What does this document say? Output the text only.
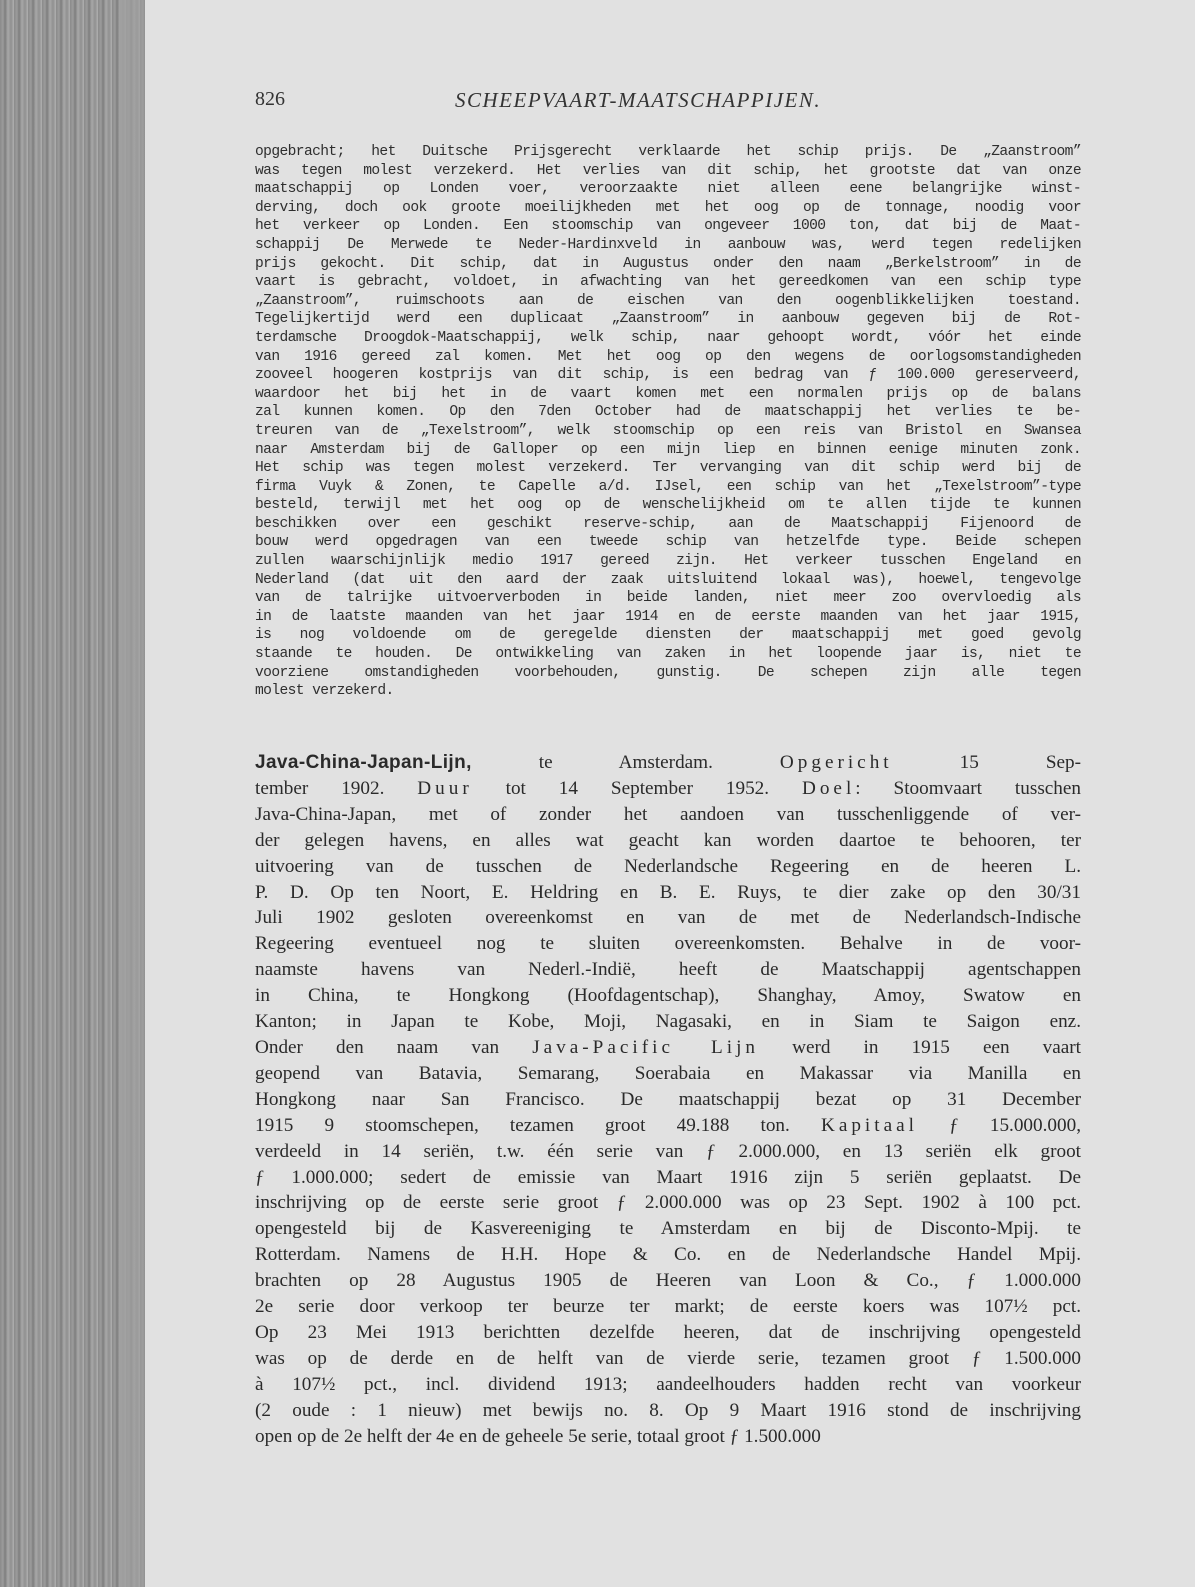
826	SCHEEPVAART-MAATSCHAPPIJEN.
opgebracht; het Duitsche Prijsgerecht verklaarde het schip prijs. De „Zaanstroom”
was tegen molest verzekerd. Het verlies van dit schip, het grootste dat van onze
maatschappij op Londen voer, veroorzaakte niet alleen eene belangrijke winst-
derving, doch ook groote moeilijkheden met het oog op de tonnage, noodig voor
het verkeer op Londen. Een stoomschip van ongeveer 1000 ton, dat bij de Maat-
schappij De Merwede te Neder-Hardinxveld in aanbouw was, werd tegen redelijken
prijs gekocht. Dit schip, dat in Augustus onder den naam „Berkelstroom” in de
vaart is gebracht, voldoet, in afwachting van het gereedkomen van een schip type
„Zaanstroom”, ruimschoots aan de eischen van den oogenblikkelijken toestand.
Tegelijkertijd werd een duplicaat „Zaanstroom” in aanbouw gegeven bij de Rot-
terdamsche Droogdok-Maatschappij, welk schip, naar gehoopt wordt, vóór het einde
van 1916 gereed zal komen. Met het oog op den wegens de oorlogsomstandigheden
zooveel hoogeren kostprijs van dit schip, is een bedrag van ƒ 100.000 gereserveerd,
waardoor het bij het in de vaart komen met een normalen prijs op de balans
zal kunnen komen. Op den 7den October had de maatschappij het verlies te be-
treuren van de „Texelstroom”, welk stoomschip op een reis van Bristol en Swansea
naar Amsterdam bij de Galloper op een mijn liep en binnen eenige minuten zonk.
Het schip was tegen molest verzekerd. Ter vervanging van dit schip werd bij de
firma Vuyk & Zonen, te Capelle a/d. IJsel, een schip van het „Texelstroom”-type
besteld, terwijl met het oog op de wenschelijkheid om te allen tijde te kunnen
beschikken over een geschikt reserve-schip, aan de Maatschappij Fijenoord de
bouw werd opgedragen van een tweede schip van hetzelfde type. Beide schepen
zullen waarschijnlijk medio 1917 gereed zijn. Het verkeer tusschen Engeland en
Nederland (dat uit den aard der zaak uitsluitend lokaal was), hoewel, tengevolge
van de talrijke uitvoerverboden in beide landen, niet meer zoo overvloedig als
in de laatste maanden van het jaar 1914 en de eerste maanden van het jaar 1915,
is nog voldoende om de geregelde diensten der maatschappij met goed gevolg
staande te houden. De ontwikkeling van zaken in het loopende jaar is, niet te
voorziene omstandigheden voorbehouden, gunstig. De schepen zijn alle tegen
molest verzekerd.
Java-China-Japan-Lijn, te Amsterdam. Opgericht 15 Sep-
tember 1902. Duur tot 14 September 1952. Doel: Stoomvaart tusschen
Java-China-Japan, met of zonder het aandoen van tusschenliggende of ver-
der gelegen havens, en alles wat geacht kan worden daartoe te behooren, ter
uitvoering van de tusschen de Nederlandsche Regeering en de heeren L.
P. D. Op ten Noort, E. Heldring en B. E. Ruys, te dier zake op den 30/31
Juli 1902 gesloten overeenkomst en van de met de Nederlandsch-Indische
Regeering eventueel nog te sluiten overeenkomsten. Behalve in de voor-
naamste havens van Nederl.-Indië, heeft de Maatschappij agentschappen
in China, te Hongkong (Hoofdagentschap), Shanghay, Amoy, Swatow en
Kanton; in Japan te Kobe, Moji, Nagasaki, en in Siam te Saigon enz.
Onder den naam van Java-Pacific Lijn werd in 1915 een vaart
geopend van Batavia, Semarang, Soerabaia en Makassar via Manilla en
Hongkong naar San Francisco. De maatschappij bezat op 31 December
1915 9 stoomschepen, tezamen groot 49.188 ton. Kapitaal ƒ 15.000.000,
verdeeld in 14 seriën, t.w. één serie van ƒ 2.000.000, en 13 seriën elk groot
ƒ 1.000.000; sedert de emissie van Maart 1916 zijn 5 seriën geplaatst. De
inschrijving op de eerste serie groot ƒ 2.000.000 was op 23 Sept. 1902 à 100 pct.
opengesteld bij de Kasvereeniging te Amsterdam en bij de Disconto-Mpij. te
Rotterdam. Namens de H.H. Hope & Co. en de Nederlandsche Handel Mpij.
brachten op 28 Augustus 1905 de Heeren van Loon & Co., ƒ 1.000.000
2e serie door verkoop ter beurze ter markt; de eerste koers was 107½ pct.
Op 23 Mei 1913 berichtten dezelfde heeren, dat de inschrijving opengesteld
was op de derde en de helft van de vierde serie, tezamen groot ƒ 1.500.000
à 107½ pct., incl. dividend 1913; aandeelhouders hadden recht van voorkeur
(2 oude : 1 nieuw) met bewijs no. 8. Op 9 Maart 1916 stond de inschrijving
open op de 2e helft der 4e en de geheele 5e serie, totaal groot ƒ 1.500.000
